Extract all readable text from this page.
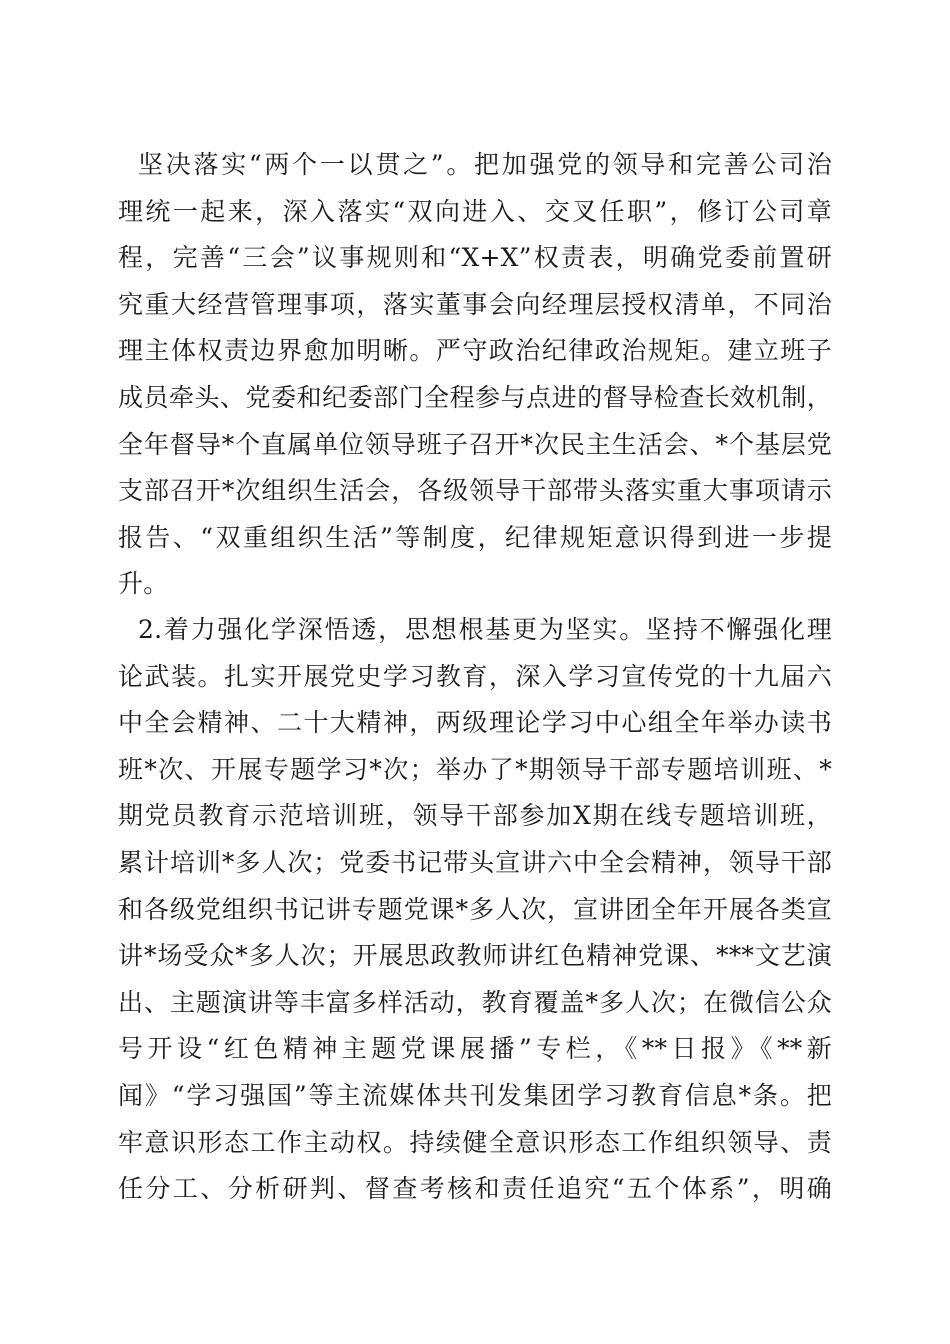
坚决落实“两个一以贯之”。把加强党的领导和完善公司治
理统一起来，深入落实“双向进入、交叉任职”，修订公司章
程，完善“三会”议事规则和“X+X”权责表，明确党委前置研
究重大经营管理事项，落实董事会向经理层授权清单，不同治
理主体权责边界愈加明晰。严守政治纪律政治规矩。建立班子
成员牵头、党委和纪委部门全程参与点进的督导检查长效机制，
全年督导*个直属单位领导班子召开*次民主生活会、*个基层党
支部召开*次组织生活会，各级领导干部带头落实重大事项请示
报告、“双重组织生活”等制度，纪律规矩意识得到进一步提
升。
2.着力强化学深悟透，思想根基更为坚实。坚持不懈强化理
论武装。扎实开展党史学习教育，深入学习宣传党的十九届六
中全会精神、二十大精神，两级理论学习中心组全年举办读书
班*次、开展专题学习*次；举办了*期领导干部专题培训班、*
期党员教育示范培训班，领导干部参加X期在线专题培训班，
累计培训*多人次；党委书记带头宣讲六中全会精神，领导干部
和各级党组织书记讲专题党课*多人次，宣讲团全年开展各类宣
讲*场受众*多人次；开展思政教师讲红色精神党课、***文艺演
出、主题演讲等丰富多样活动，教育覆盖*多人次；在微信公众
号开设“红色精神主题党课展播”专栏，《**日报》《**新
闻》“学习强国”等主流媒体共刊发集团学习教育信息*条。把
牢意识形态工作主动权。持续健全意识形态工作组织领导、责
任分工、分析研判、督查考核和责任追究“五个体系”，明确
